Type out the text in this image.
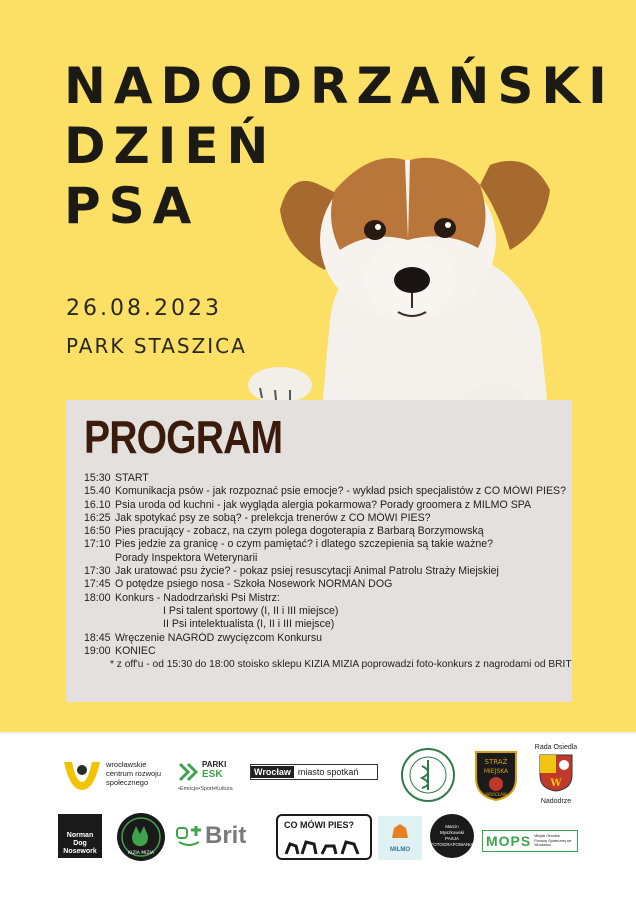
NADODRZAŃSKI
DZIEŃ
PSA
26.08.2023
PARK STASZICA
PROGRAM
15:30 START
15.40 Komunikacja psów - jak rozpoznać psie emocje? - wykład psich specjalistów z CO MÓWI PIES?
16.10 Psia uroda od kuchni - jak wygląda alergia pokarmowa? Porady groomera z MILMO SPA
16:25 Jak spotykać psy ze sobą? - prelekcja trenerów z CO MÓWI PIES?
16:50 Pies pracujący - zobacz, na czym polega dogoterapia z Barbarą Borzymowską
17:10 Pies jedzie za granicę - o czym pamiętać? i dlatego szczepienia są takie ważne?
Porady Inspektora Weterynarii
17:30 Jak uratować psu życie? - pokaz psiej resuscytacji Animal Patrolu Straży Miejskiej
17:45 O potędze psiego nosa - Szkoła Nosework NORMAN DOG
18:00 Konkurs - Nadodrzański Psi Mistrz:
I Psi talent sportowy (I, II i III miejsce)
II Psi intelektualista (I, II i III miejsce)
18:45 Wręczenie NAGRÓD zwycięzcom Konkursu
19:00 KONIEC
* z off'u - od 15:30 do 18:00 stoisko sklepu KIZIA MIZIA poprowadzi foto-konkurs z nagrodami od BRIT
wrocławskie
centrum rozwoju
społecznego
PARKI
ESK
•Emocje•Sport•Kultura
Wrocław miasto spotkań
STRAŻ
MIEJSKA
WROCŁAW
Rada Osiedla
W
Nadodrze
Norman
Dog
Nosework	KIZIA MIZIA
Brit	CO MÓWI PIES?
MILMO
Marcin
Myszkowski
PASJA
FOTOGRAFOWANIA MOPS Miejski Ośrodek Pomocy Społecznej we Wrocławiu
